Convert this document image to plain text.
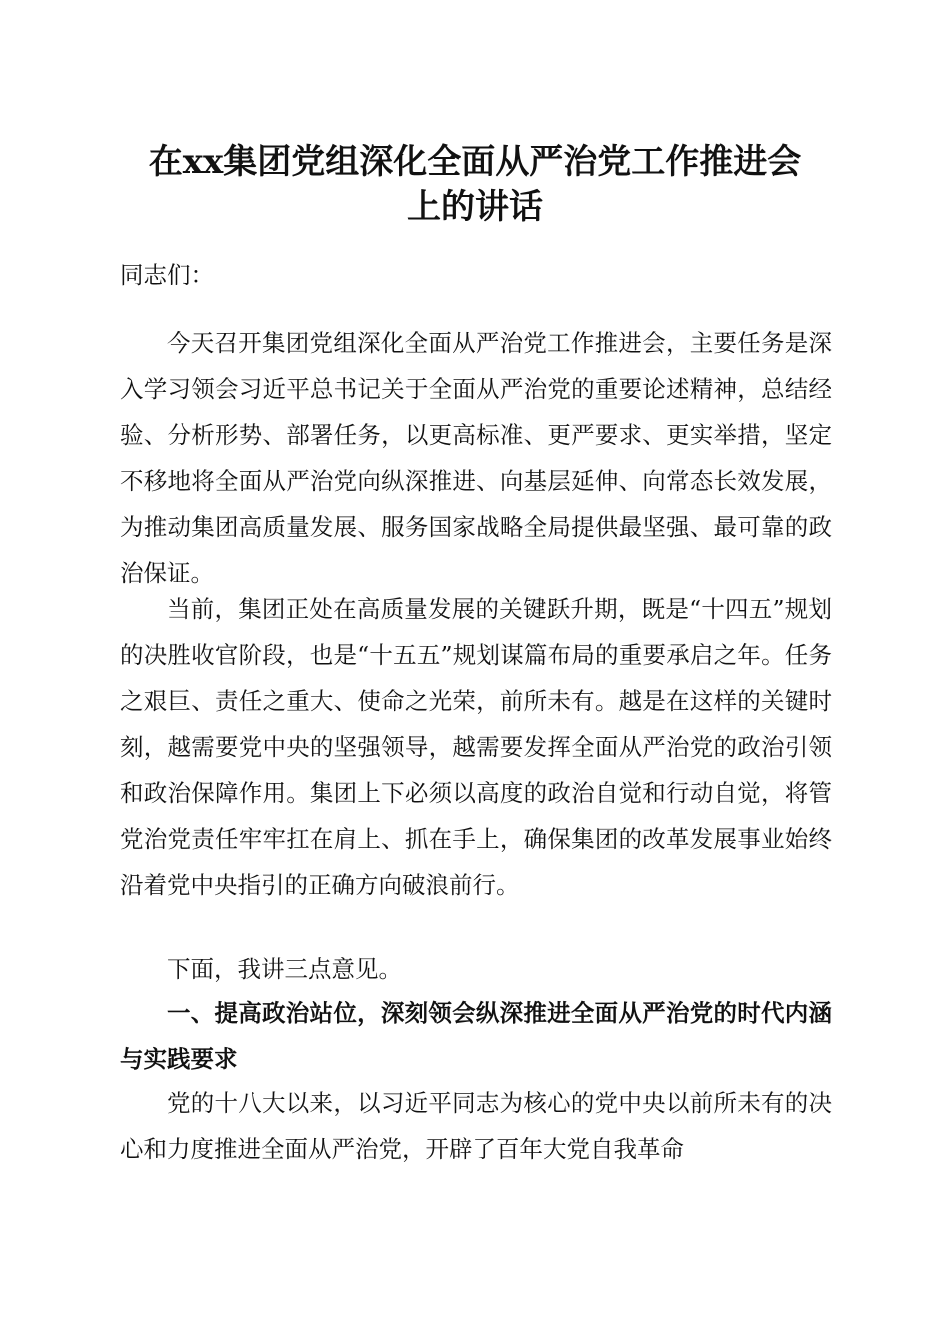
在xx集团党组深化全面从严治党工作推进会
上的讲话

同志们：

今天召开集团党组深化全面从严治党工作推进会，主要任务是深入学习领会习近平总书记关于全面从严治党的重要论述精神，总结经验、分析形势、部署任务，以更高标准、更严要求、更实举措，坚定不移地将全面从严治党向纵深推进、向基层延伸、向常态长效发展，为推动集团高质量发展、服务国家战略全局提供最坚强、最可靠的政治保证。

当前，集团正处在高质量发展的关键跃升期，既是“十四五”规划的决胜收官阶段，也是“十五五”规划谋篇布局的重要承启之年。任务之艰巨、责任之重大、使命之光荣，前所未有。越是在这样的关键时刻，越需要党中央的坚强领导，越需要发挥全面从严治党的政治引领和政治保障作用。集团上下必须以高度的政治自觉和行动自觉，将管党治党责任牢牢扛在肩上、抓在手上，确保集团的改革发展事业始终沿着党中央指引的正确方向破浪前行。

下面，我讲三点意见。

一、提高政治站位，深刻领会纵深推进全面从严治党的时代内涵与实践要求

党的十八大以来，以习近平同志为核心的党中央以前所未有的决心和力度推进全面从严治党，开辟了百年大党自我革命
